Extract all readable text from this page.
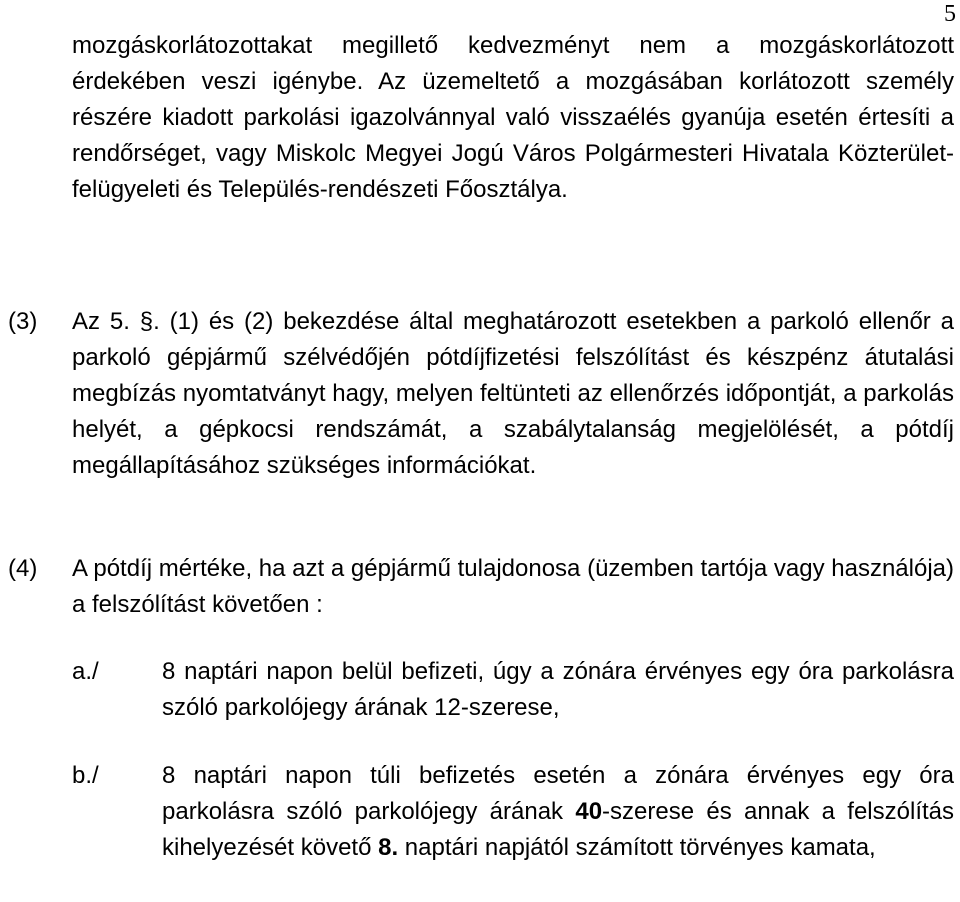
5
mozgáskorlátozottakat megillető kedvezményt nem a mozgáskorlátozott érdekében veszi igénybe. Az üzemeltető a mozgásában korlátozott személy részére kiadott parkolási igazolvánnyal való visszaélés gyanúja esetén értesíti a rendőrséget, vagy Miskolc Megyei Jogú Város Polgármesteri Hivatala Közterület-felügyeleti és Település-rendészeti Főosztálya.
(3)	Az 5. §. (1) és (2) bekezdése által meghatározott esetekben a parkoló ellenőr a parkoló gépjármű szélvédőjén pótdíjfizetési felszólítást és készpénz átutalási megbízás nyomtatványt hagy, melyen feltünteti az ellenőrzés időpontját, a parkolás helyét, a gépkocsi rendszámát, a szabálytalanság megjelölését, a pótdíj megállapításához szükséges információkat.
(4)	A pótdíj mértéke, ha azt a gépjármű tulajdonosa (üzemben tartója vagy használója) a felszólítást követően :
a./	8 naptári napon belül befizeti, úgy a zónára érvényes egy óra parkolásra szóló parkolójegy árának 12-szerese,
b./	8 naptári napon túli befizetés esetén a zónára érvényes egy óra parkolásra szóló parkolójegy árának 40-szerese és annak a felszólítás kihelyezését követő 8. naptári napjától számított törvényes kamata,
